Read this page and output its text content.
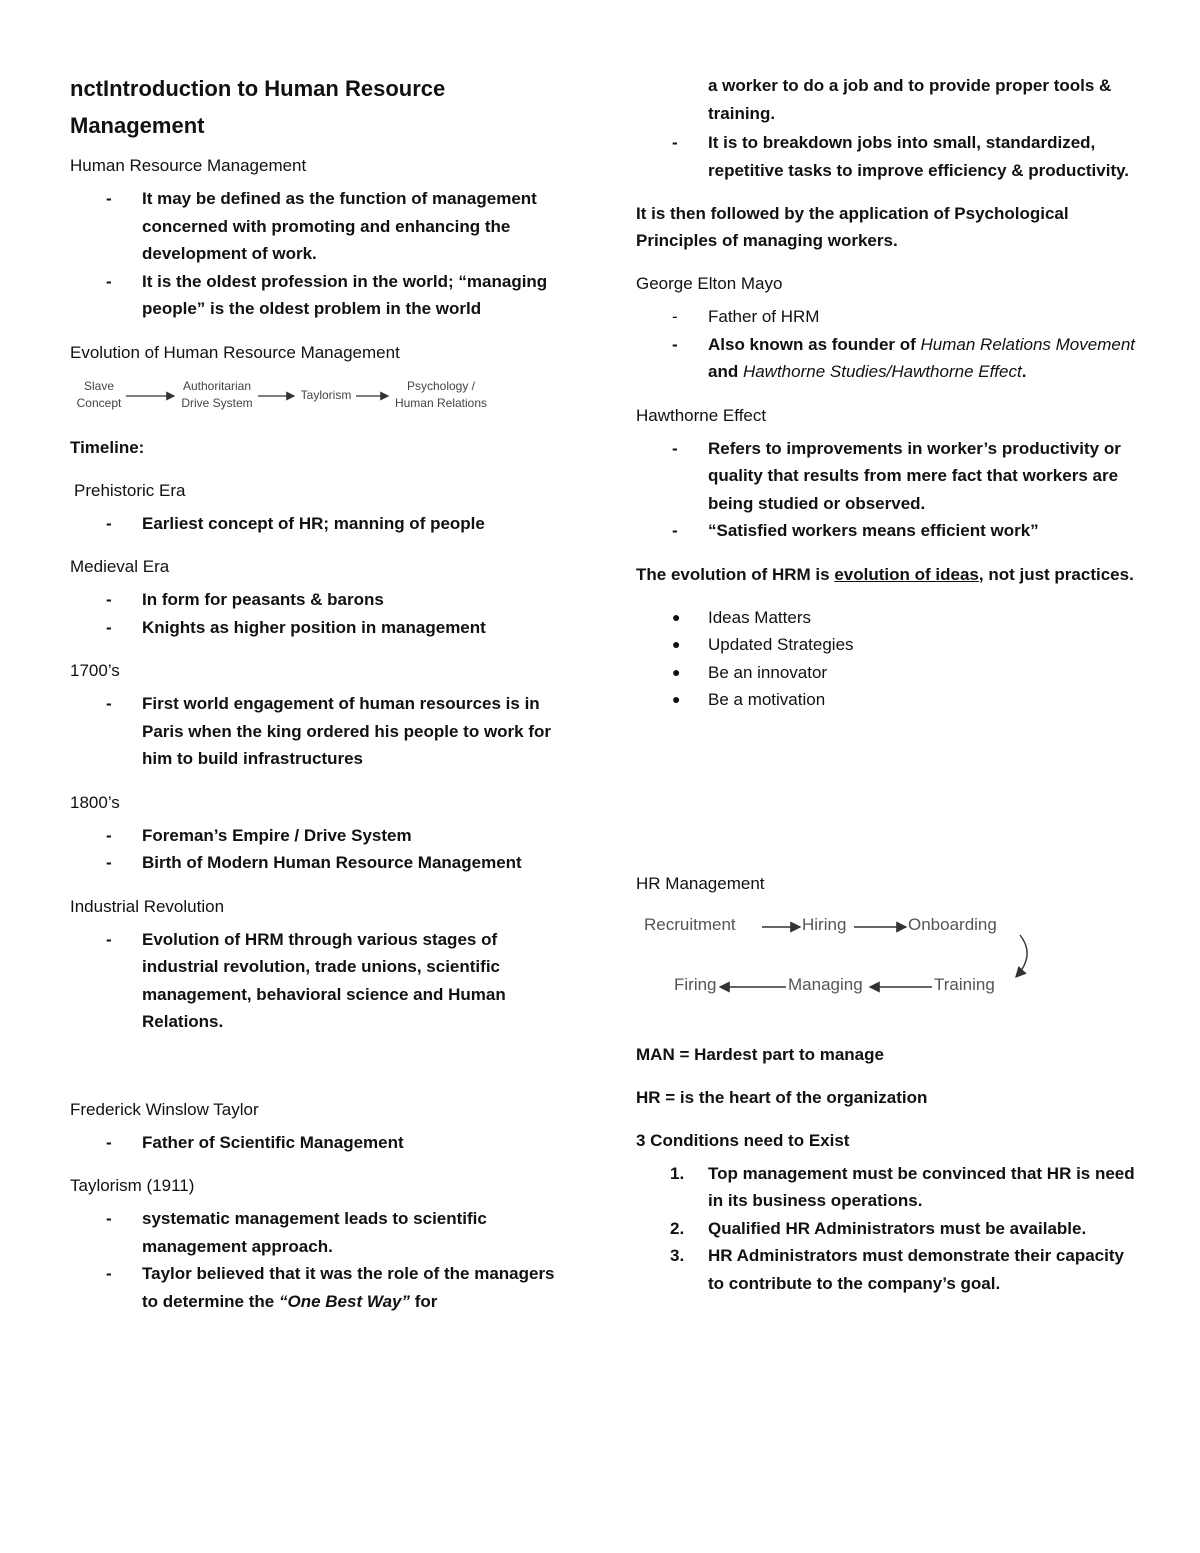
nctIntroduction to Human Resource Management
Human Resource Management
- It may be defined as the function of management concerned with promoting and enhancing the development of work.
- It is the oldest profession in the world; “managing people” is the oldest problem in the world
Evolution of Human Resource Management
Slave
Concept
Authoritarian
Drive System
Taylorism
Psychology /
Human Relations
Timeline:
Prehistoric Era
- Earliest concept of HR; manning of people
Medieval Era
- In form for peasants & barons
- Knights as higher position in management
1700’s
- First world engagement of human resources is in Paris when the king ordered his people to work for him to build infrastructures
1800’s
- Foreman’s Empire / Drive System
- Birth of Modern Human Resource Management
Industrial Revolution
- Evolution of HRM through various stages of industrial revolution, trade unions, scientific management, behavioral science and Human Relations.
Frederick Winslow Taylor
- Father of Scientific Management
Taylorism (1911)
- systematic management leads to scientific management approach.
- Taylor believed that it was the role of the managers to determine the “One Best Way” for
a worker to do a job and to provide proper tools & training.
- It is to breakdown jobs into small, standardized, repetitive tasks to improve efficiency & productivity.
It is then followed by the application of Psychological Principles of managing workers.
George Elton Mayo
- Father of HRM
- Also known as founder of Human Relations Movement and Hawthorne Studies/Hawthorne Effect.
Hawthorne Effect
- Refers to improvements in worker’s productivity or quality that results from mere fact that workers are being studied or observed.
- “Satisfied workers means efficient work”
The evolution of HRM is evolution of ideas, not just practices.
● Ideas Matters
● Updated Strategies
● Be an innovator
● Be a motivation
HR Management
Recruitment	Hiring	Onboarding
Training
Managing
Firing
MAN = Hardest part to manage
HR = is the heart of the organization
3 Conditions need to Exist
1. Top management must be convinced that HR is need in its business operations.
2. Qualified HR Administrators must be available.
3. HR Administrators must demonstrate their capacity to contribute to the company’s goal.
